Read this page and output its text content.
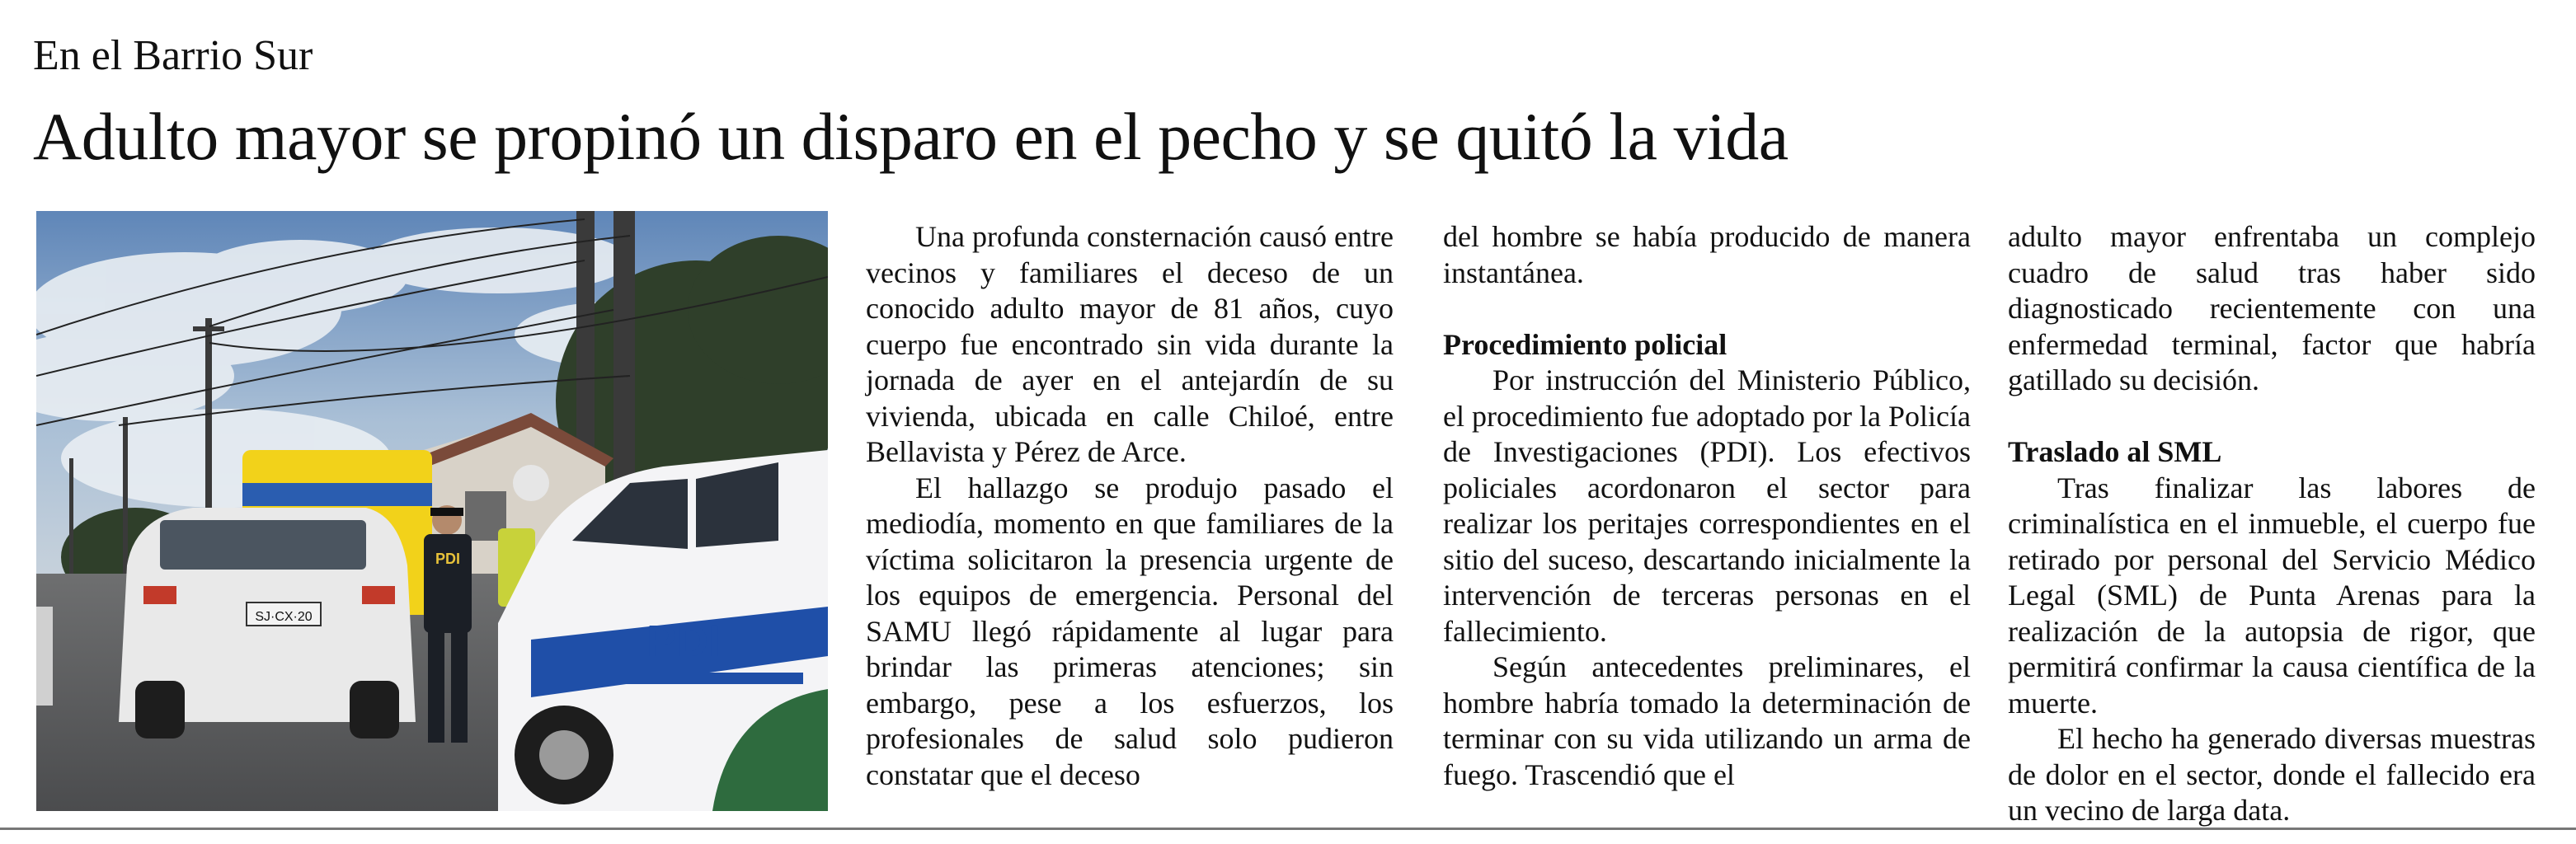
En el Barrio Sur
Adulto mayor se propinó un disparo en el pecho y se quitó la vida
SJ·CX·20
PDI
PDI

Una profunda consternación causó entre vecinos y familiares el deceso de un conocido adulto mayor de 81 años, cuyo cuerpo fue encontrado sin vida durante la jornada de ayer en el antejardín de su vivienda, ubicada en calle Chiloé, entre Bellavista y Pérez de Arce.

El hallazgo se produjo pasado el mediodía, momento en que familiares de la víctima solicitaron la presencia urgente de los equipos de emergencia. Personal del SAMU llegó rápidamente al lugar para brindar las primeras atenciones; sin embargo, pese a los esfuerzos, los profesionales de salud solo pudieron constatar que el deceso

del hombre se había producido de manera instantánea.

Procedimiento policial

Por instrucción del Ministerio Público, el procedimiento fue adoptado por la Policía de Investigaciones (PDI). Los efectivos policiales acordonaron el sector para realizar los peritajes correspondientes en el sitio del suceso, descartando inicialmente la intervención de terceras personas en el fallecimiento.

Según antecedentes preliminares, el hombre habría tomado la determinación de terminar con su vida utilizando un arma de fuego. Trascendió que el

adulto mayor enfrentaba un complejo cuadro de salud tras haber sido diagnosticado recientemente con una enfermedad terminal, factor que habría gatillado su decisión.

Traslado al SML

Tras finalizar las labores de criminalística en el inmueble, el cuerpo fue retirado por personal del Servicio Médico Legal (SML) de Punta Arenas para la realización de la autopsia de rigor, que permitirá confirmar la causa científica de la muerte.

El hecho ha generado diversas muestras de dolor en el sector, donde el fallecido era un vecino de larga data.
